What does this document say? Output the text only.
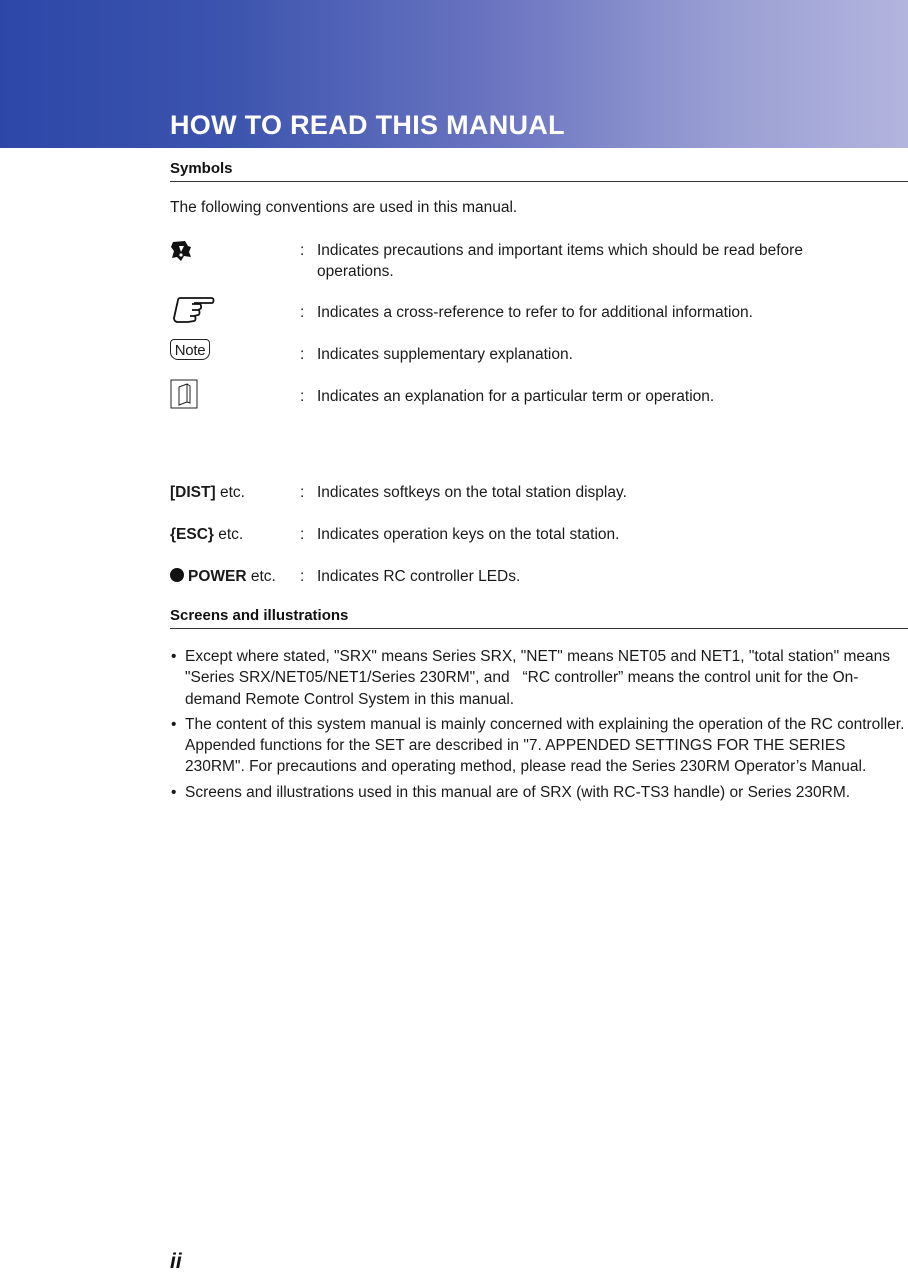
HOW TO READ THIS MANUAL
Symbols
The following conventions are used in this manual.
: Indicates precautions and important items which should be read before operations.
: Indicates a cross-reference to refer to for additional information.
Note	: Indicates supplementary explanation.
: Indicates an explanation for a particular term or operation.
[DIST] etc.	: Indicates softkeys on the total station display.
{ESC} etc.	: Indicates operation keys on the total station.
POWER etc.	: Indicates RC controller LEDs.
Screens and illustrations
• Except where stated, "SRX" means Series SRX, "NET" means NET05 and NET1, "total station" means "Series SRX/NET05/NET1/Series 230RM", and   “RC controller” means the control unit for the On-demand Remote Control System in this manual.
• The content of this system manual is mainly concerned with explaining the operation of the RC controller. Appended functions for the SET are described in "7. APPENDED SETTINGS FOR THE SERIES 230RM". For precautions and operating method, please read the Series 230RM Operator’s Manual.
• Screens and illustrations used in this manual are of SRX (with RC-TS3 handle) or Series 230RM.
ii
